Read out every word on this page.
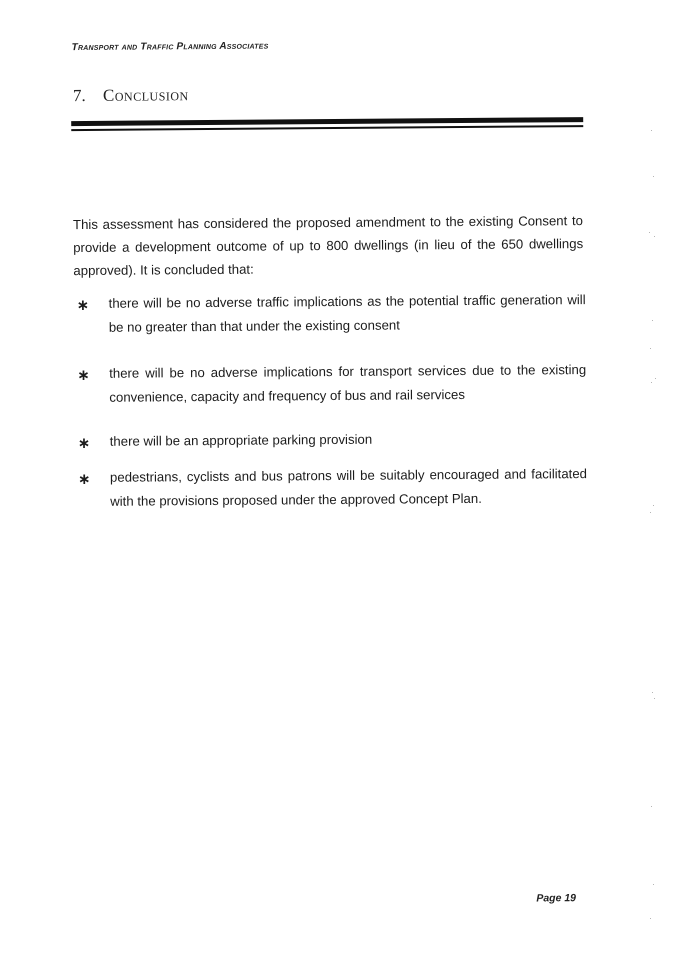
Transport and Traffic Planning Associates
7. Conclusion

This assessment has considered the proposed amendment to the existing Consent to provide a development outcome of up to 800 dwellings (in lieu of the 650 dwellings approved). It is concluded that:

∗ there will be no adverse traffic implications as the potential traffic generation will be no greater than that under the existing consent
∗ there will be no adverse implications for transport services due to the existing convenience, capacity and frequency of bus and rail services
∗ there will be an appropriate parking provision
∗ pedestrians, cyclists and bus patrons will be suitably encouraged and facilitated with the provisions proposed under the approved Concept Plan.
Page 19
